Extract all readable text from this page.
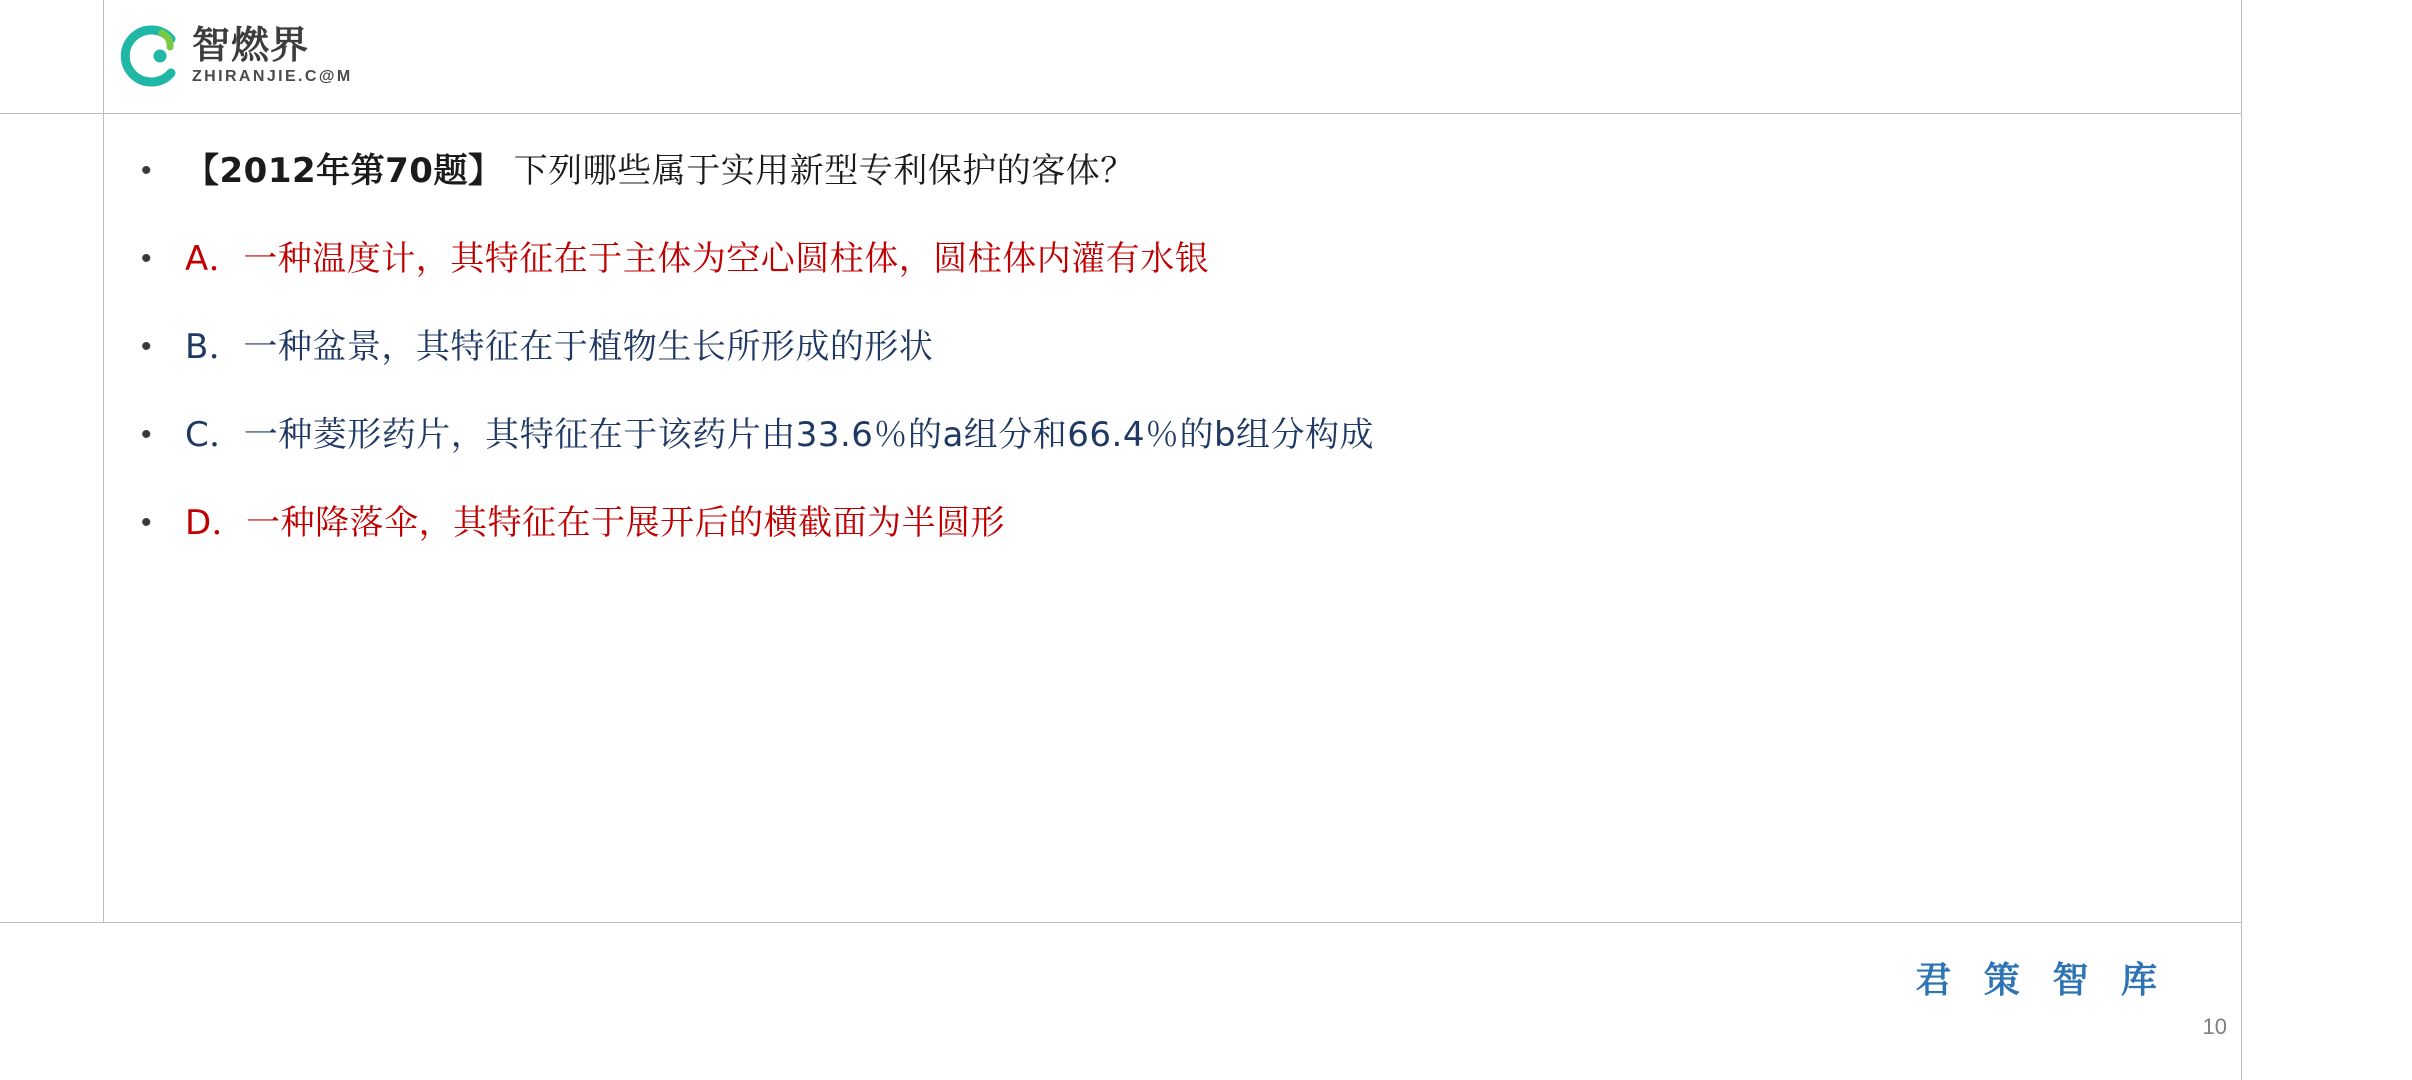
智燃界
ZHIRANJIE.C@M
• 【2012年第70题】 下列哪些属于实用新型专利保护的客体？
• A．一种温度计，其特征在于主体为空心圆柱体，圆柱体内灌有水银
• B．一种盆景，其特征在于植物生长所形成的形状
• C．一种菱形药片，其特征在于该药片由33.6％的a组分和66.4％的b组分构成
• D．一种降落伞，其特征在于展开后的横截面为半圆形
君 策 智 库
10
